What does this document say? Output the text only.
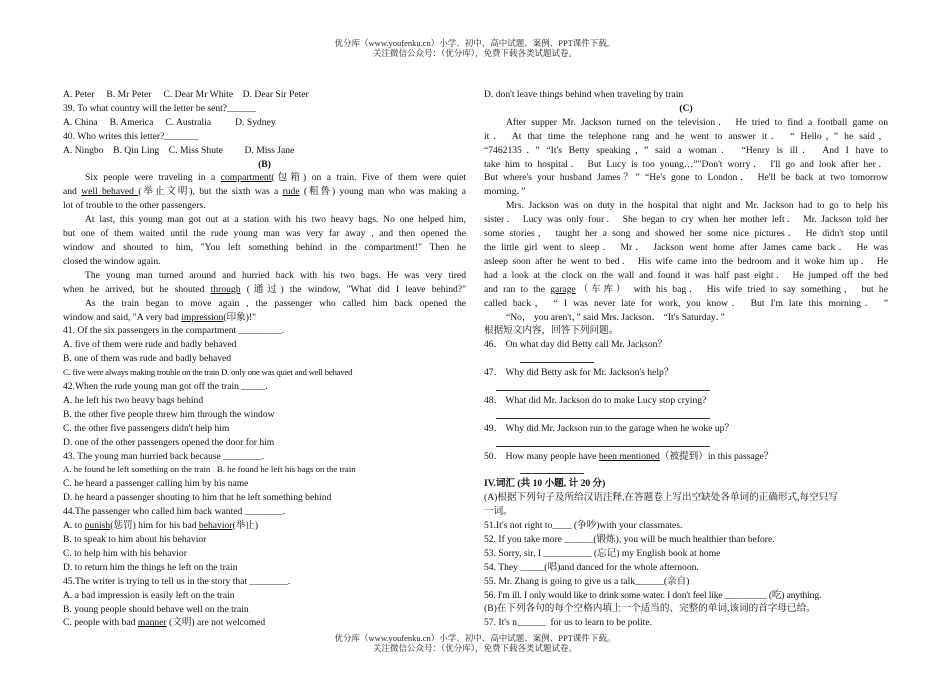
优分库（www.youfenku.cn）小学、初中、高中试题、案例、PPT课件下载。
关注微信公众号：（优分库），免费下载各类试题试卷。
A. Peter     B. Mr Peter     C. Dear Mr White    D. Dear Sir Peter
39. To what country will the letter be sent?______
A. China     B. America     C. Australia          D. Sydney
40. Who writes this letter?_______
A. Ningbo    B. Qin Ling    C. Miss Shute         D. Miss Jane
(B)
Six people were traveling in a compartment(包箱) on a train. Five of them were quiet
and well behaved (举止文明), but the sixth was a rude (粗鲁) young man who was making a
lot of trouble to the other passengers.
At last, this young man got out at a station with his two heavy bags. No one helped him,
but one of them waited until the rude young man was very far away , and then opened the
window and shouted to him, "You left something behind in the compartment!" Then he
closed the window again.
The young man turned around and hurried back with his two bags. He was very tired
when he arrived, but he shouted through (通过) the window, "What did I leave behind?"
As the train began to move again , the passenger who called him back opened the
window and said, "A very bad impression(印象)!"
41. Of the six passengers in the compartment _________.
A. five of them were rude and badly behaved
B. one of them was rude and badly behaved
C. five were always making trouble on the train D. only one was quiet and well behaved
42.When the rude young man got off the train _____.
A. he left his two heavy bags behind
B. the other five people threw him through the window
C. the other five passengers didn't help him
D. one of the other passengers opened the door for him
43. The young man hurried back because ________.
A. he found he left something on the train   B. he found he left his bags on the train
C. he heard a passenger calling him by his name
D. he heard a passenger shouting to him that he left something behind
44.The passenger who called him back wanted ________.
A. to punish(惩罚) him for his bad behavior(举止)
B. to speak to him about his behavior
C. to help him with his behavior
D. to return him the things he left on the train
45.The writer is trying to tell us in the story that ________.
A. a bad impression is easily left on the train
B. young people should behave well on the train
C. people with bad manner (文明) are not welcomed
D. don't leave things behind when traveling by train
(C)
After supper Mr. Jackson turned on the television． He tried to find a football game on
it． At that time the telephone rang and he went to answer it． “ Hello，” he said，
“7462135．” “It's Betty speaking，” said a woman． “Henry is ill． And I have to
take him to hospital． But Lucy is too young…”"Don't worry． I'll go and look after her．
But where's your husband James？” “He's gone to London． He'll be back at two tomorrow
morning．”
Mrs. Jackson was on duty in the hospital that night and Mr. Jackson had to go to help his
sister． Lucy was only four． She began to cry when her mother left． Mr. Jackson told her
some stories， taught her a song and showed her some nice pictures． He didn't stop until
the little girl went to sleep． Mr． Jackson went home after James came back． He was
asleep soon after he went to bed． His wife came into the bedroom and it woke him up． He
had a look at the clock on the wall and found it was half past eight． He jumped off the bed
and ran to the garage（车库） with his bag． His wife tried to say something， but he
called back， “ I was never late for work, you know． But I'm late this morning． ”
“No， you aren't，” said Mrs. Jackson． “It's Saturday．”
根据短文内容，回答下列问题。
46． On what day did Betty call Mr. Jackson？
47． Why did Betty ask for Mr. Jackson's help？
48． What did Mr. Jackson do to make Lucy stop crying?
49． Why did Mr. Jackson run to the garage when he woke up？
50． How many people have been mentioned（被提到）in this passage？
IV.词汇 (共 10 小题, 计 20 分)
(A)根据下列句子及所给汉语注释,在答题卷上写出空缺处各单词的正确形式,每空只写
一词。
51.It's not right to____ (争吵)with your classmates.
52. If you take more ______(锻炼), you will be much healthier than before.
53. Sorry, sir, I __________ (忘记) my English book at home
54. They _____(唱)and danced for the whole afternoon.
55. Mr. Zhang is going to give us a talk______(亲自)
56. I'm ill. I only would like to drink some water. I don't feel like _________ (吃) anything.
(B)在下列各句的每个空格内填上一个适当的、完整的单词,该词的首字母已给。
57. It's n______  for us to learn to be polite.
优分库（www.youfenku.cn）小学、初中、高中试题、案例、PPT课件下载。
关注微信公众号：（优分库），免费下载各类试题试卷。
